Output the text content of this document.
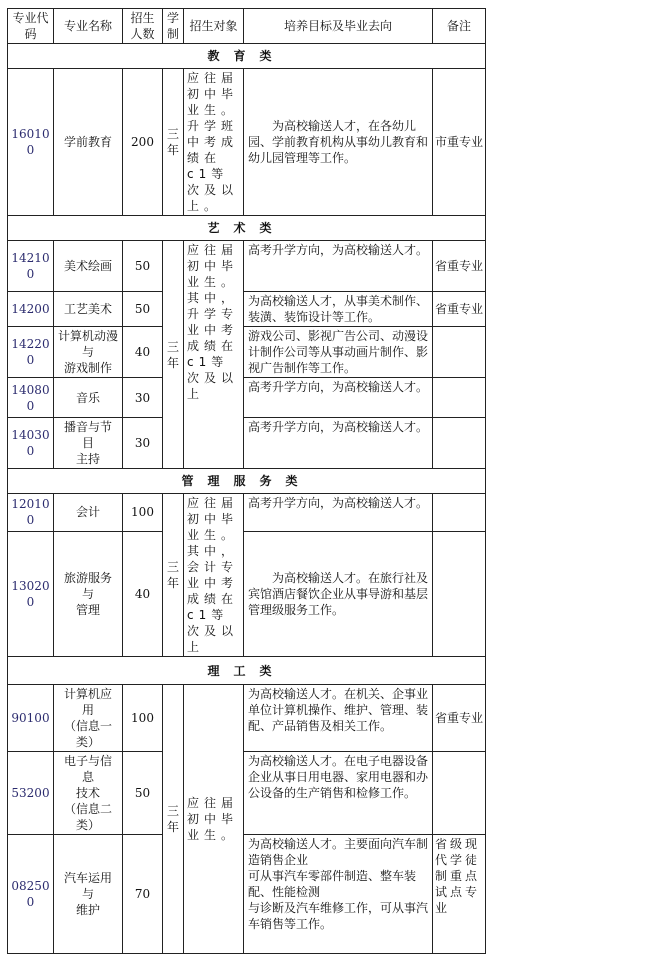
专业代码	专业名称	招生人数	学制	招生对象	培养目标及毕业去向	备注
教育类						
160100	学前教育	200	三年	应往届初中毕业生。升学班中考成绩在c1等次及以上。	为高校输送人才，在各幼儿园、学前教育机构从事幼儿教育和幼儿园管理等工作。	市重专业
艺术类						
142100	美术绘画	50	三年	应往届初中毕业生。其中，升学专业中考成绩在c1等次及以上	高考升学方向，为高校输送人才。	省重专业
14200	工艺美术	50			为高校输送人才，从事美术制作、装潢、装饰设计等工作。	省重专业
142200	计算机动漫
与
游戏制作	40			游戏公司、影视广告公司、动漫设计制作公司等从事动画片制作、影视广告制作等工作。	
140800	音乐	30			高考升学方向，为高校输送人才。	
140300	播音与节
目
主持	30			高考升学方向，为高校输送人才。	
管理服务类						
120100	会计	100	三年	应往届初中毕业生。其中，会计专业中考成绩在c1等次及以上	高考升学方向，为高校输送人才。	
130200	旅游服务
与
管理	40			为高校输送人才。在旅行社及宾馆酒店餐饮企业从事导游和基层管理级服务工作。	
理工类						
90100	计算机应
用
（信息一
类）	100	三年	应往届初中毕业生。	为高校输送人才。在机关、企事业单位计算机操作、维护、管理、装配、产品销售及相关工作。	省重专业
53200	电子与信
息
技术
（信息二
类）	50			为高校输送人才。在电子电器设备企业从事日用电器、家用电器和办公设备的生产销售和检修工作。	
082500	汽车运用
与
维护	70			为高校输送人才。主要面向汽车制造销售企业
可从事汽车零部件制造、整车装配、性能检测
与诊断及汽车维修工作，可从事汽车销售等工作。	省级现代学徒制重点试点专业
